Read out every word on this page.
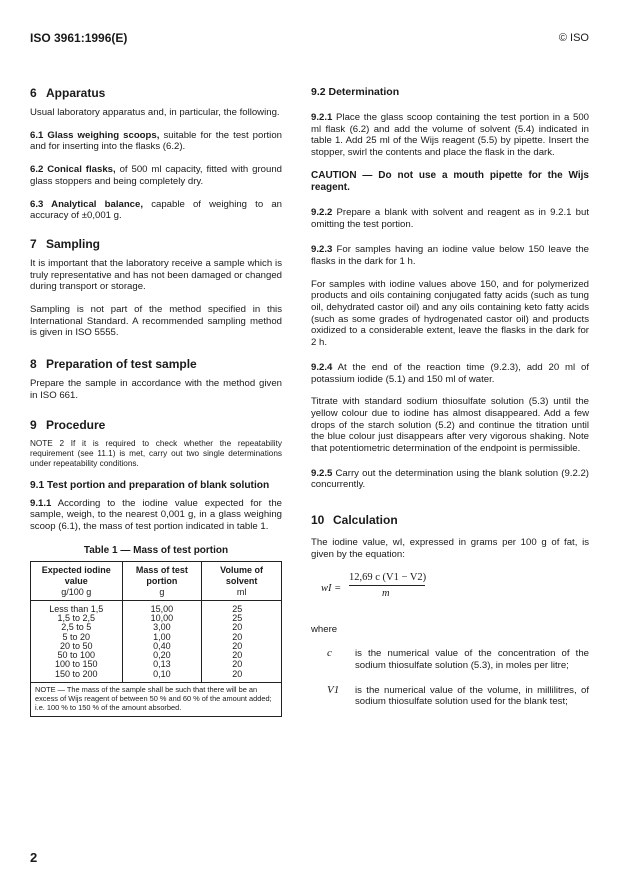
ISO 3961:1996(E)	© ISO
6 Apparatus

Usual laboratory apparatus and, in particular, the following.

6.1 Glass weighing scoops, suitable for the test portion and for inserting into the flasks (6.2).

6.2 Conical flasks, of 500 ml capacity, fitted with ground glass stoppers and being completely dry.

6.3 Analytical balance, capable of weighing to an accuracy of ±0,001 g.

7 Sampling

It is important that the laboratory receive a sample which is truly representative and has not been damaged or changed during transport or storage.

Sampling is not part of the method specified in this International Standard. A recommended sampling method is given in ISO 5555.

8 Preparation of test sample

Prepare the sample in accordance with the method given in ISO 661.

9 Procedure

NOTE 2 If it is required to check whether the repeatability requirement (see 11.1) is met, carry out two single determinations under repeatability conditions.

9.1 Test portion and preparation of blank solution

9.1.1 According to the iodine value expected for the sample, weigh, to the nearest 0,001 g, in a glass weighing scoop (6.1), the mass of test portion indicated in table 1.

Table 1 — Mass of test portion
Expected iodine value	Mass of test portion	Volume of solvent
g/100 g	g	ml
Less than 1,5	15,00	25
1,5 to 2,5	10,00	25
2,5 to 5	3,00	20
5 to 20	1,00	20
20 to 50	0,40	20
50 to 100	0,20	20
100 to 150	0,13	20
150 to 200	0,10	20
NOTE — The mass of the sample shall be such that there will be an excess of Wijs reagent of between 50 % and 60 % of the amount added; i.e. 100 % to 150 % of the amount absorbed.		
9.2 Determination

9.2.1 Place the glass scoop containing the test portion in a 500 ml flask (6.2) and add the volume of solvent (5.4) indicated in table 1. Add 25 ml of the Wijs reagent (5.5) by pipette. Insert the stopper, swirl the contents and place the flask in the dark.

CAUTION — Do not use a mouth pipette for the Wijs reagent.

9.2.2 Prepare a blank with solvent and reagent as in 9.2.1 but omitting the test portion.

9.2.3 For samples having an iodine value below 150 leave the flasks in the dark for 1 h.

For samples with iodine values above 150, and for polymerized products and oils containing conjugated fatty acids (such as tung oil, dehydrated castor oil) and any oils containing keto fatty acids (such as some grades of hydrogenated castor oil) and products oxidized to a considerable extent, leave the flasks in the dark for 2 h.

9.2.4 At the end of the reaction time (9.2.3), add 20 ml of potassium iodide (5.1) and 150 ml of water.

Titrate with standard sodium thiosulfate solution (5.3) until the yellow colour due to iodine has almost disappeared. Add a few drops of the starch solution (5.2) and continue the titration until the blue colour just disappears after very vigorous shaking. Note that potentiometric determination of the endpoint is permissible.

9.2.5 Carry out the determination using the blank solution (9.2.2) concurrently.

10 Calculation

The iodine value, wI, expressed in grams per 100 g of fat, is given by the equation:

wI =
12,69 c (V1 − V2)
m

where

c	is the numerical value of the concentration of the sodium thiosulfate solution (5.3), in moles per litre;
V1	is the numerical value of the volume, in millilitres, of sodium thiosulfate solution used for the blank test;
2
